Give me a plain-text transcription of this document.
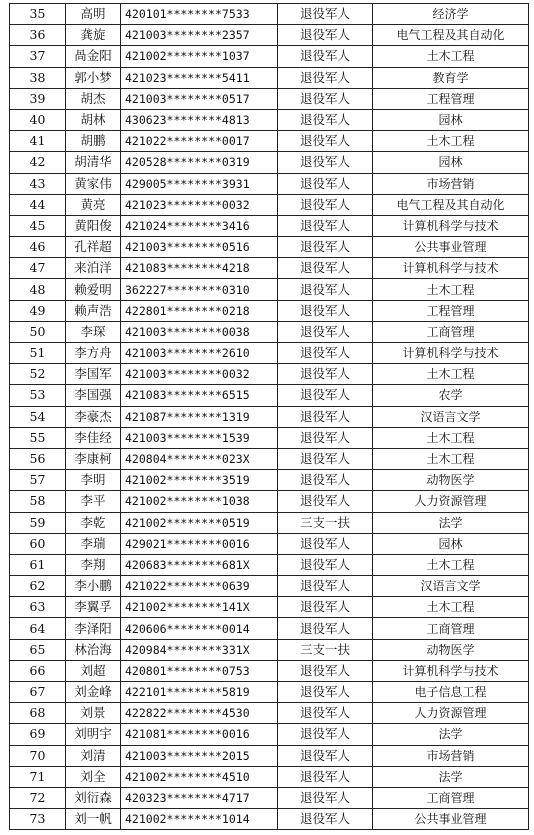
35	高明	420101********7533	退役军人	经济学
36	龚旋	421003********2357	退役军人	电气工程及其自动化
37	咼金阳	421002********1037	退役军人	土木工程
38	郭小梦	421023********5411	退役军人	教育学
39	胡杰	421003********0517	退役军人	工程管理
40	胡林	430623********4813	退役军人	园林
41	胡鹏	421022********0017	退役军人	土木工程
42	胡清华	420528********0319	退役军人	园林
43	黄家伟	429005********3931	退役军人	市场营销
44	黄亮	421023********0032	退役军人	电气工程及其自动化
45	黄阳俊	421024********3416	退役军人	计算机科学与技术
46	孔祥超	421003********0516	退役军人	公共事业管理
47	来泊洋	421083********4218	退役军人	计算机科学与技术
48	赖爱明	362227********0310	退役军人	土木工程
49	赖声浩	422801********0218	退役军人	工程管理
50	李琛	421003********0038	退役军人	工商管理
51	李方舟	421003********2610	退役军人	计算机科学与技术
52	李国军	421003********0032	退役军人	土木工程
53	李国强	421083********6515	退役军人	农学
54	李豪杰	421087********1319	退役军人	汉语言文学
55	李佳经	421003********1539	退役军人	土木工程
56	李康柯	420804********023X	退役军人	土木工程
57	李明	421002********3519	退役军人	动物医学
58	李平	421002********1038	退役军人	人力资源管理
59	李乾	421002********0519	三支一扶	法学
60	李瑞	429021********0016	退役军人	园林
61	李翔	420683********681X	退役军人	土木工程
62	李小鹏	421022********0639	退役军人	汉语言文学
63	李翼孚	421002********141X	退役军人	土木工程
64	李泽阳	420606********0014	退役军人	工商管理
65	林治海	420984********331X	三支一扶	动物医学
66	刘超	420801********0753	退役军人	计算机科学与技术
67	刘金峰	422101********5819	退役军人	电子信息工程
68	刘景	422822********4530	退役军人	人力资源管理
69	刘明宇	421081********0016	退役军人	法学
70	刘清	421003********2015	退役军人	市场营销
71	刘全	421002********4510	退役军人	法学
72	刘衍森	420323********4717	退役军人	工商管理
73	刘一帆	421002********1014	退役军人	公共事业管理
